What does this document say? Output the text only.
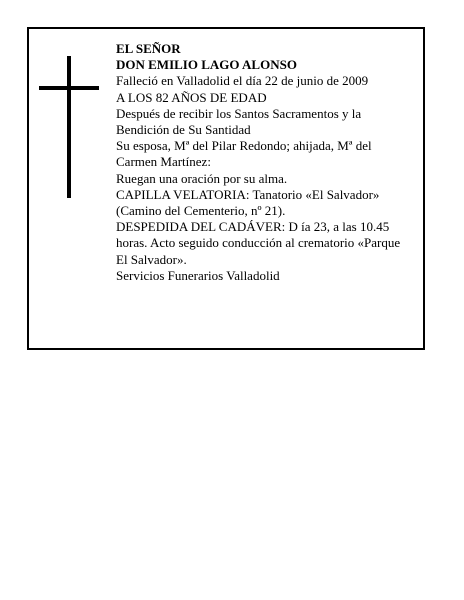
EL SEÑOR
DON EMILIO LAGO ALONSO
Falleció en Valladolid el día 22 de junio de 2009
A LOS 82 AÑOS DE EDAD
Después de recibir los Santos Sacramentos y la
Bendición de Su Santidad
Su esposa, Mª del Pilar Redondo; ahijada, Mª del
Carmen Martínez:
Ruegan una oración por su alma.
CAPILLA VELATORIA: Tanatorio «El Salvador»
(Camino del Cementerio, nº 21).
DESPEDIDA DEL CADÁVER: D ía 23, a las 10.45
horas. Acto seguido conducción al crematorio «Parque
El Salvador».
Servicios Funerarios Valladolid
